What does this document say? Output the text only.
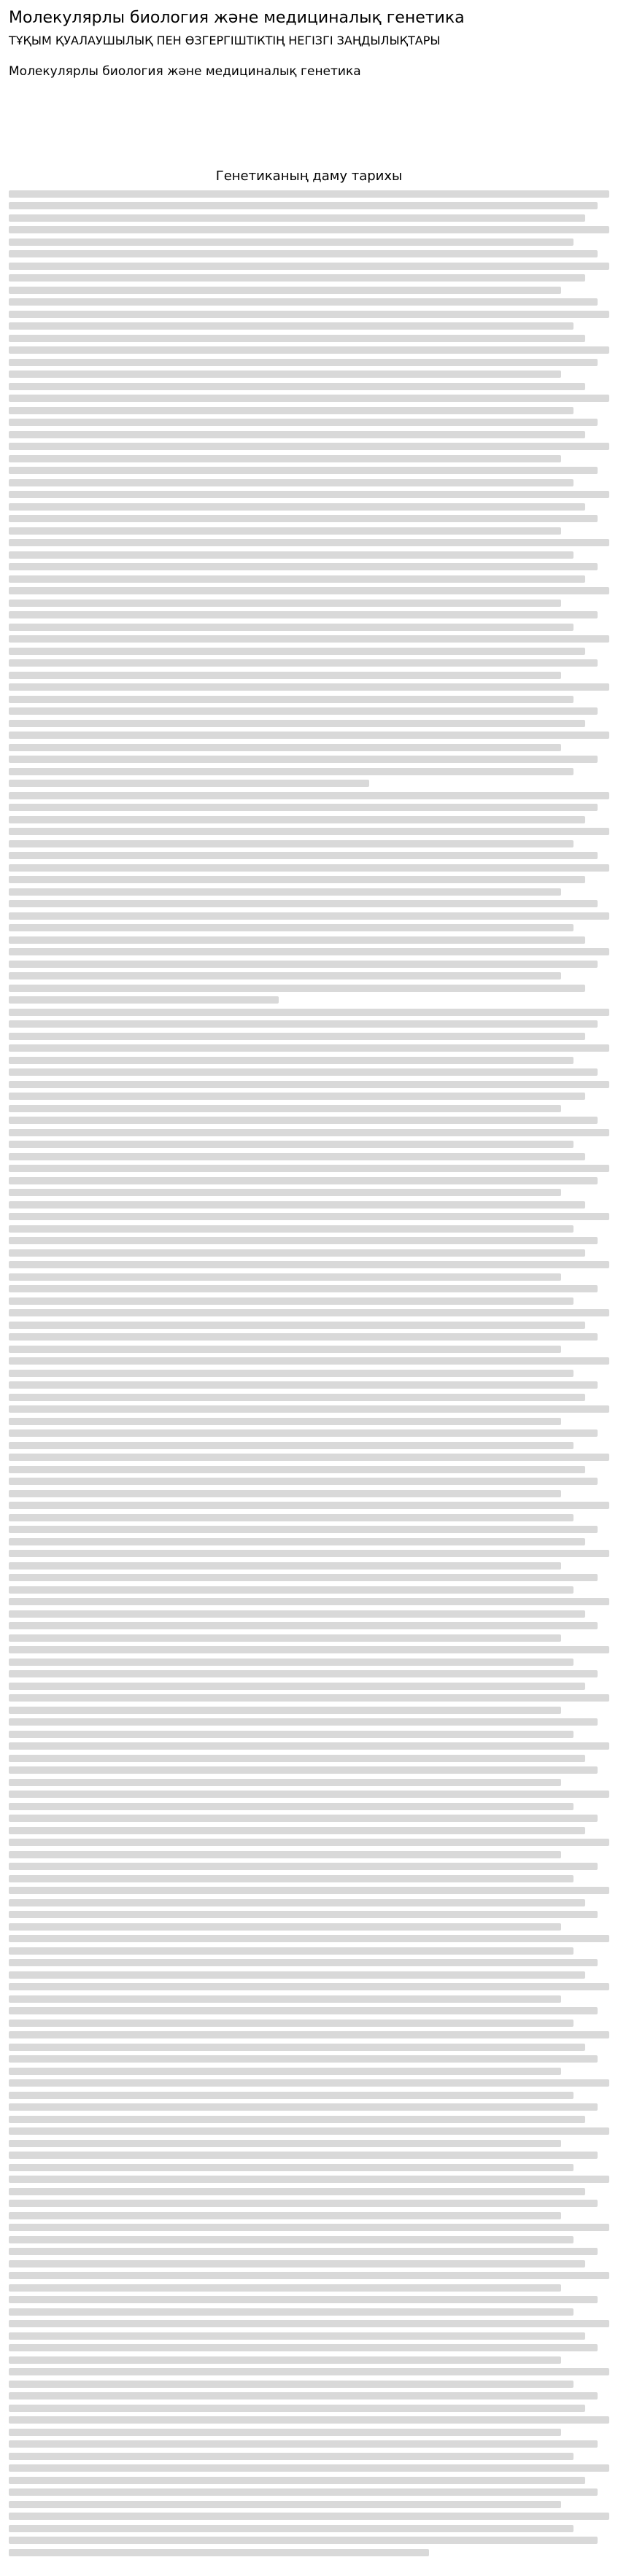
Молекулярлы биология және медициналық генетика
ТҰҚЫМ ҚУАЛАУШЫЛЫҚ ПЕН ӨЗГЕРГІШТІКТІҢ НЕГІЗГІ ЗАҢДЫЛЫҚТАРЫ
Молекулярлы биология және медициналық генетика
Генетиканың даму тарихы
